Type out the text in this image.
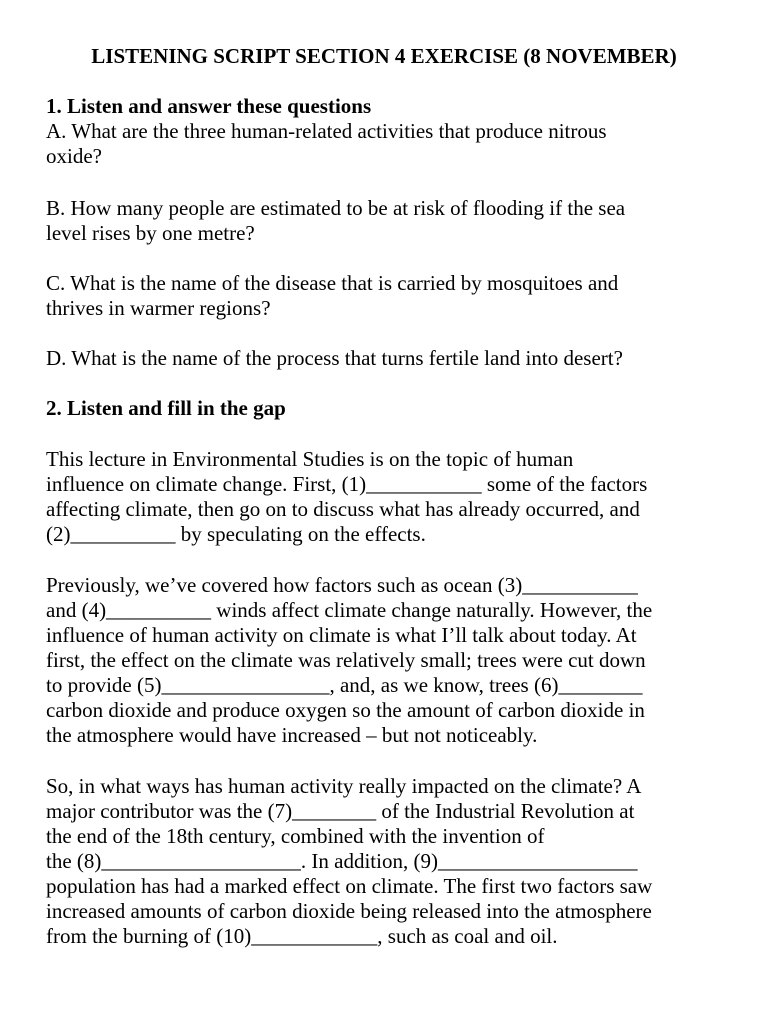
LISTENING SCRIPT SECTION 4 EXERCISE (8 NOVEMBER)
1. Listen and answer these questions
A. What are the three human-related activities that produce nitrous
oxide?
B. How many people are estimated to be at risk of flooding if the sea
level rises by one metre?
C. What is the name of the disease that is carried by mosquitoes and
thrives in warmer regions?
D. What is the name of the process that turns fertile land into desert?
2. Listen and fill in the gap
This lecture in Environmental Studies is on the topic of human
influence on climate change. First, (1)___________ some of the factors
affecting climate, then go on to discuss what has already occurred, and
(2)__________ by speculating on the effects.
Previously, we’ve covered how factors such as ocean (3)___________
and (4)__________ winds affect climate change naturally. However, the
influence of human activity on climate is what I’ll talk about today. At
first, the effect on the climate was relatively small; trees were cut down
to provide (5)________________, and, as we know, trees (6)________
carbon dioxide and produce oxygen so the amount of carbon dioxide in
the atmosphere would have increased – but not noticeably.
So, in what ways has human activity really impacted on the climate? A
major contributor was the (7)________ of the Industrial Revolution at
the end of the 18th century, combined with the invention of
the (8)___________________. In addition, (9)___________________
population has had a marked effect on climate. The first two factors saw
increased amounts of carbon dioxide being released into the atmosphere
from the burning of (10)____________, such as coal and oil.
